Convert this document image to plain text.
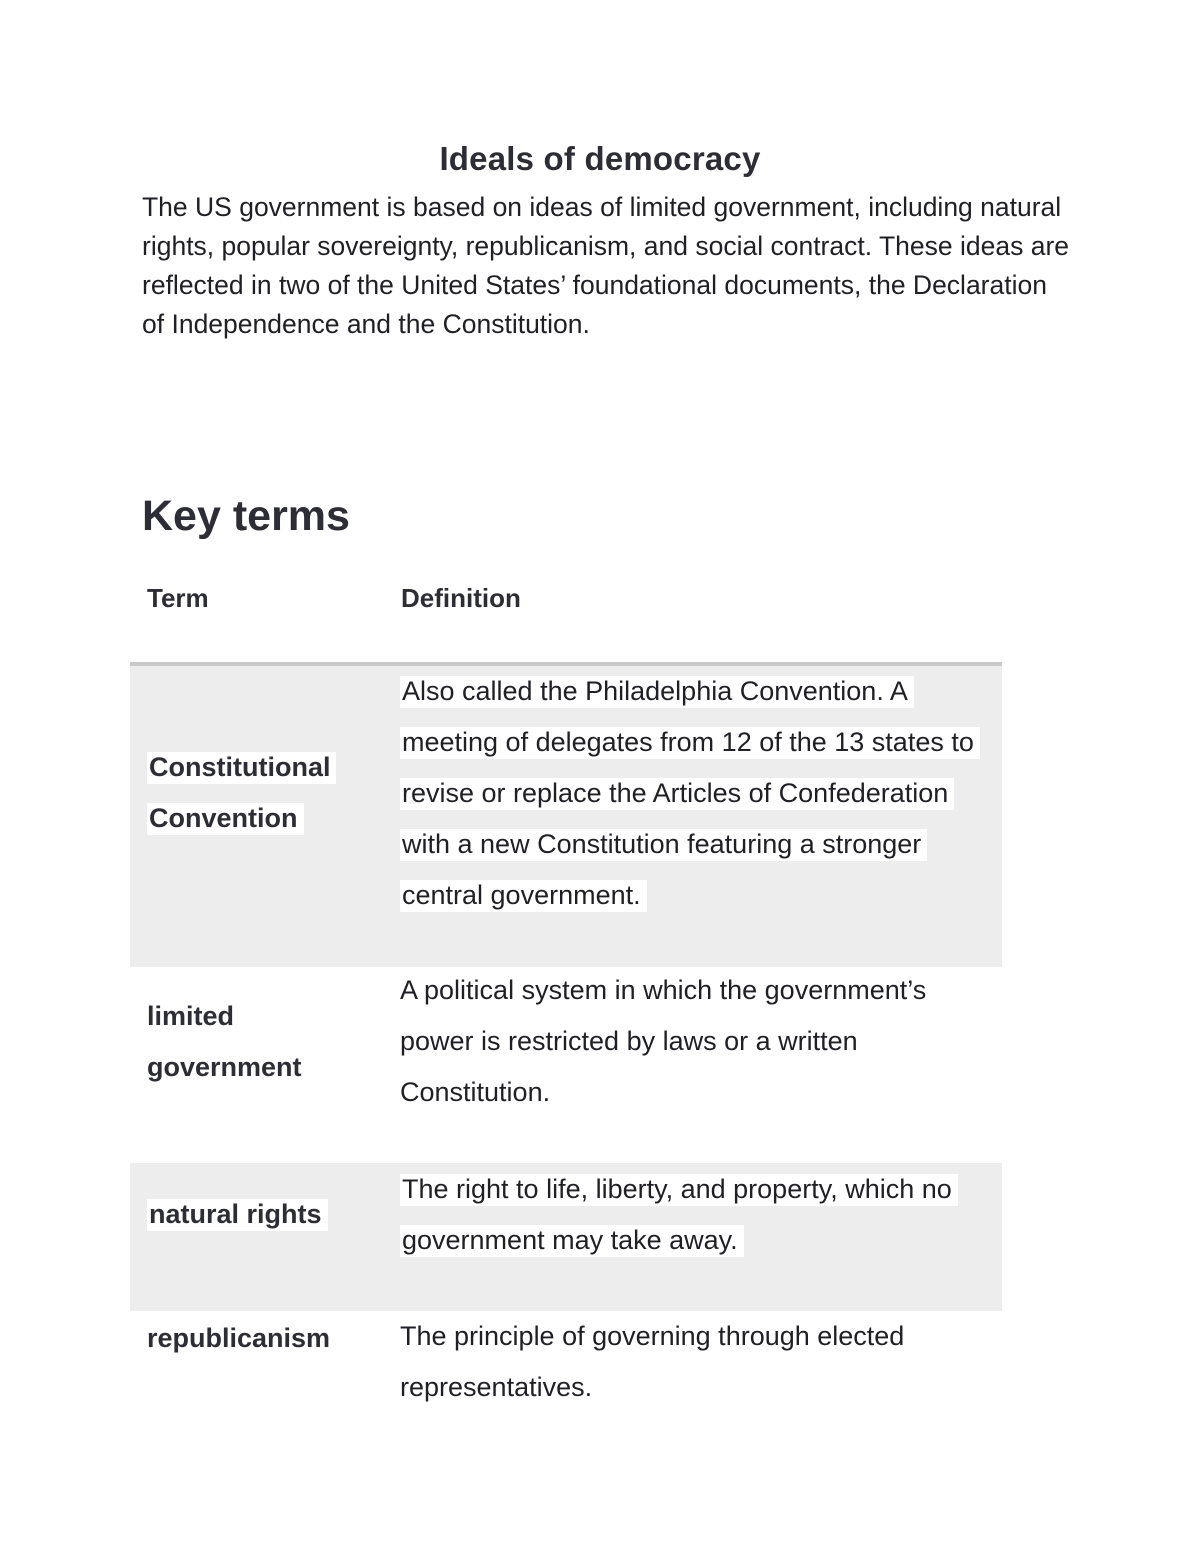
Ideals of democracy

The US government is based on ideas of limited government, including natural rights, popular sovereignty, republicanism, and social contract. These ideas are reflected in two of the United States’ foundational documents, the Declaration of Independence and the Constitution.

Key terms
Term	Definition
Constitutional Convention
Also called the Philadelphia Convention. A meeting of delegates from 12 of the 13 states to revise or replace the Articles of Confederation with a new Constitution featuring a stronger central government.
limited government
A political system in which the government’s power is restricted by laws or a written Constitution.
natural rights
The right to life, liberty, and property, which no government may take away.
republicanism	The principle of governing through elected representatives.
